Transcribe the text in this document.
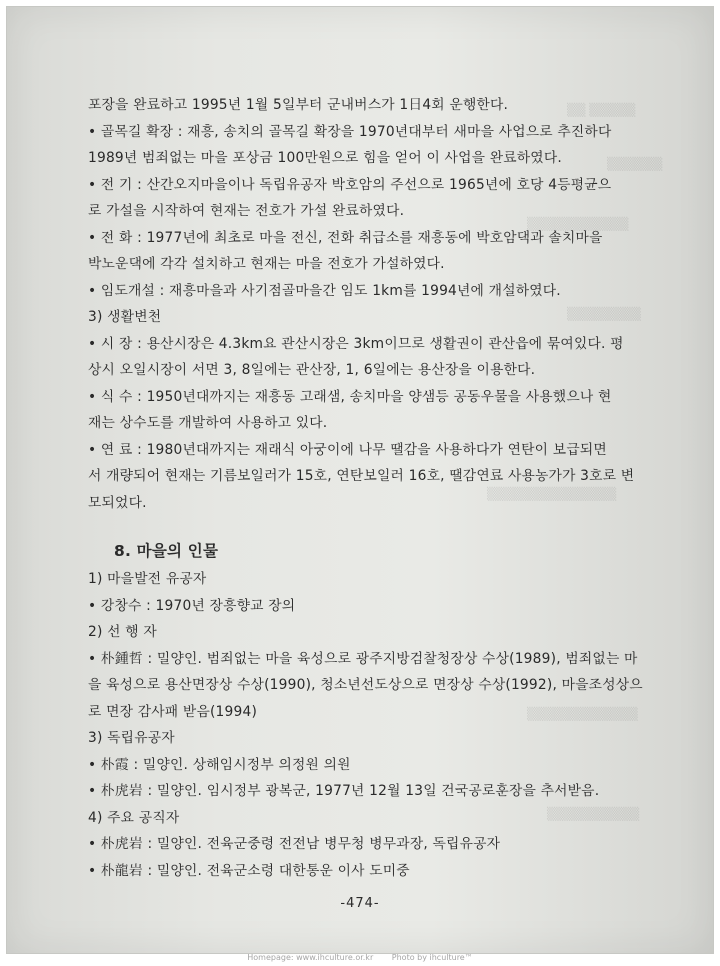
▒▒ ▒▒▒▒▒
▒▒▒▒▒▒
▒▒▒▒▒▒▒▒▒▒▒
▒▒▒▒▒▒▒▒
▒▒▒▒▒▒▒▒▒▒▒▒▒▒
▒▒▒▒▒▒▒▒▒▒▒▒
▒▒▒▒▒▒▒▒▒▒
포장을 완료하고 1995년 1월 5일부터 군내버스가 1日4회 운행한다.
• 골목길 확장 : 재흥, 송치의 골목길 확장을 1970년대부터 새마을 사업으로 추진하다
1989년 범죄없는 마을 포상금 100만원으로 힘을 얻어 이 사업을 완료하였다.
• 전 기 : 산간오지마을이나 독립유공자 박호암의 주선으로 1965년에 호당 4등평균으
로 가설을 시작하여 현재는 전호가 가설 완료하였다.
• 전 화 : 1977년에 최초로 마을 전신, 전화 취급소를 재흥동에 박호암댁과 솔치마을
박노운댁에 각각 설치하고 현재는 마을 전호가 가설하였다.
• 임도개설 : 재흥마을과 사기점골마을간 임도 1km를 1994년에 개설하였다.
3) 생활변천
• 시 장 : 용산시장은 4.3km요 관산시장은 3km이므로 생활권이 관산읍에 묶여있다. 평
상시 오일시장이 서면 3, 8일에는 관산장, 1, 6일에는 용산장을 이용한다.
• 식 수 : 1950년대까지는 재흥동 고래샘, 송치마을 양샘등 공동우물을 사용했으나 현
재는 상수도를 개발하여 사용하고 있다.
• 연 료 : 1980년대까지는 재래식 아궁이에 나무 땔감을 사용하다가 연탄이 보급되면
서 개량되어 현재는 기름보일러가 15호, 연탄보일러 16호, 땔감연료 사용농가가 3호로 변
모되었다.
8. 마을의 인물
1) 마을발전 유공자
• 강창수 : 1970년 장흥향교 장의
2) 선 행 자
• 朴鍾哲 : 밀양인. 범죄없는 마을 육성으로 광주지방검찰청장상 수상(1989), 범죄없는 마
을 육성으로 용산면장상 수상(1990), 청소년선도상으로 면장상 수상(1992), 마을조성상으
로 면장 감사패 받음(1994)
3) 독립유공자
• 朴霞 : 밀양인. 상해임시정부 의정원 의원
• 朴虎岩 : 밀양인. 임시정부 광복군, 1977년 12월 13일 건국공로훈장을 추서받음.
4) 주요 공직자
• 朴虎岩 : 밀양인. 전육군중령 전전남 병무청 병무과장, 독립유공자
• 朴龍岩 : 밀양인. 전육군소령 대한통운 이사 도미중
-474-
Homepage: www.ihculture.or.kr Photo by ihculture™
